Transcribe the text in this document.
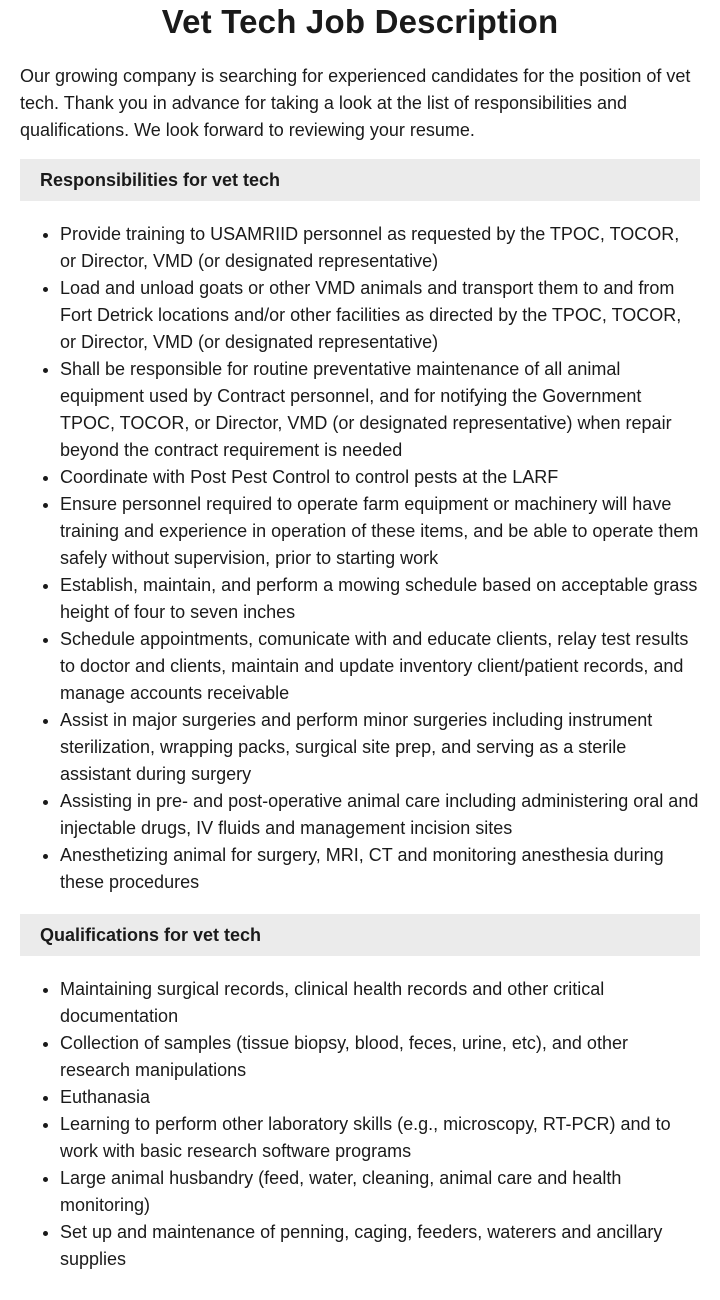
Vet Tech Job Description

Our growing company is searching for experienced candidates for the position of vet tech. Thank you in advance for taking a look at the list of responsibilities and qualifications. We look forward to reviewing your resume.

Responsibilities for vet tech
• Provide training to USAMRIID personnel as requested by the TPOC, TOCOR, or Director, VMD (or designated representative)
• Load and unload goats or other VMD animals and transport them to and from Fort Detrick locations and/or other facilities as directed by the TPOC, TOCOR, or Director, VMD (or designated representative)
• Shall be responsible for routine preventative maintenance of all animal equipment used by Contract personnel, and for notifying the Government TPOC, TOCOR, or Director, VMD (or designated representative) when repair beyond the contract requirement is needed
• Coordinate with Post Pest Control to control pests at the LARF
• Ensure personnel required to operate farm equipment or machinery will have training and experience in operation of these items, and be able to operate them safely without supervision, prior to starting work
• Establish, maintain, and perform a mowing schedule based on acceptable grass height of four to seven inches
• Schedule appointments, comunicate with and educate clients, relay test results to doctor and clients, maintain and update inventory client/patient records, and manage accounts receivable
• Assist in major surgeries and perform minor surgeries including instrument sterilization, wrapping packs, surgical site prep, and serving as a sterile assistant during surgery
• Assisting in pre- and post-operative animal care including administering oral and injectable drugs, IV fluids and management incision sites
• Anesthetizing animal for surgery, MRI, CT and monitoring anesthesia during these procedures
Qualifications for vet tech
• Maintaining surgical records, clinical health records and other critical documentation
• Collection of samples (tissue biopsy, blood, feces, urine, etc), and other research manipulations
• Euthanasia
• Learning to perform other laboratory skills (e.g., microscopy, RT-PCR) and to work with basic research software programs
• Large animal husbandry (feed, water, cleaning, animal care and health monitoring)
• Set up and maintenance of penning, caging, feeders, waterers and ancillary supplies
